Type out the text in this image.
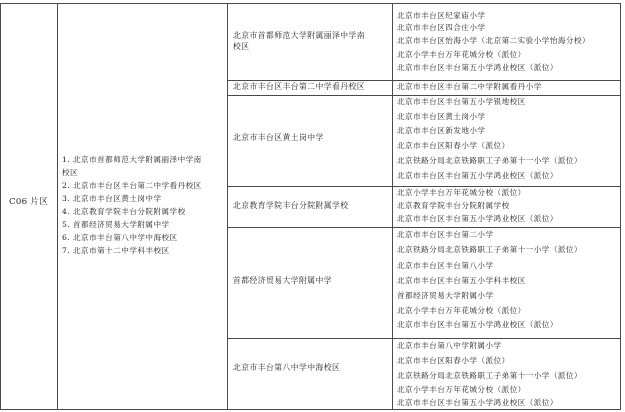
C06 片区
1. 北京市首都师范大学附属丽泽中学南
校区
2. 北京市丰台区丰台第二中学看丹校区
3. 北京市丰台区黄土岗中学
4. 北京教育学院丰台分院附属学校
5. 首都经济贸易大学附属中学
6. 北京市丰台第八中学中海校区
7. 北京市第十二中学科丰校区
北京市首都师范大学附属丽泽中学南
校区
北京市丰台区纪家庙小学
北京市丰台区四合庄小学
北京市丰台区怡海小学（北京第二实验小学怡海分校）
北京小学丰台万年花城分校（派位）
北京市丰台区丰台第五小学鸿业校区（派位）
北京市丰台区丰台第二中学看丹校区	北京市丰台区丰台第二中学附属看丹小学
北京市丰台区黄土岗中学
北京市丰台区丰台第五小学银地校区
北京市丰台区黄土岗小学
北京市丰台区新发地小学
北京市丰台区阳春小学（派位）
北京铁路分局北京铁路职工子弟第十一小学（派位）
北京市丰台区丰台第五小学鸿业校区（派位）
北京教育学院丰台分院附属学校
北京小学丰台万年花城分校（派位）
北京教育学院丰台分院附属学校
北京市丰台区丰台第五小学鸿业校区（派位）
首都经济贸易大学附属中学
北京市丰台区丰台第二小学
北京铁路分局北京铁路职工子弟第十一小学（派位）
北京市丰台区丰台第八小学
北京市丰台区丰台第五小学科丰校区
首都经济贸易大学附属小学
北京小学丰台万年花城分校（派位）
北京市丰台区丰台第五小学鸿业校区（派位）
北京市丰台第八中学中海校区
北京市丰台第八中学附属小学
北京市丰台区阳春小学（派位）
北京铁路分局北京铁路职工子弟第十一小学（派位）
北京小学丰台万年花城分校（派位）
北京市丰台区丰台第五小学鸿业校区（派位）
